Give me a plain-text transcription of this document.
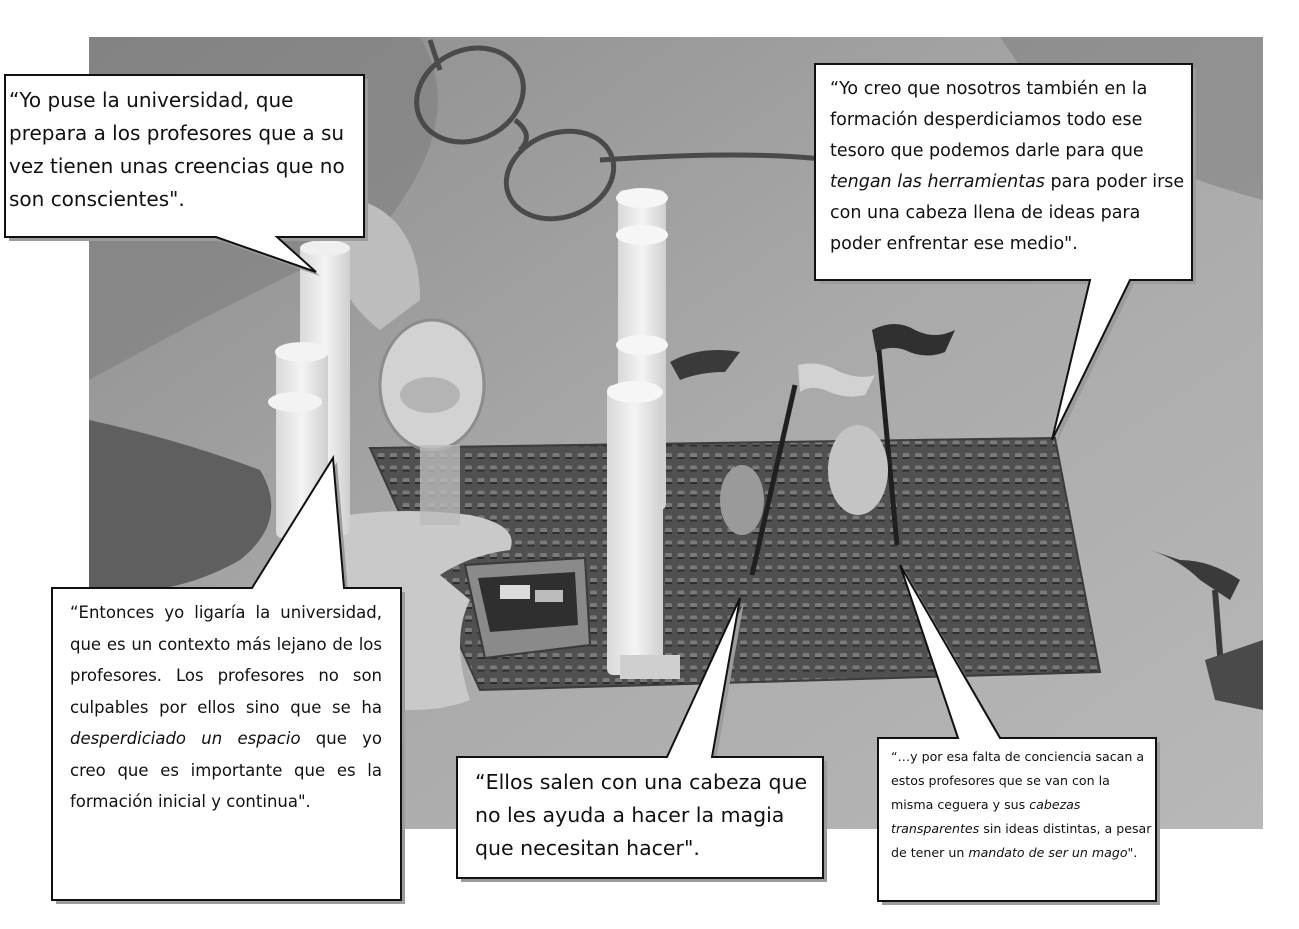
“Yo puse la universidad, que prepara a los profesores que a su vez tienen unas creencias que no son conscientes".

“Yo creo que nosotros también en la formación desperdiciamos todo ese tesoro que podemos darle para que tengan las herramientas para poder irse con una cabeza llena de ideas para poder enfrentar ese medio".

“Entonces yo ligaría la universidad, que es un contexto más lejano de los profesores. Los profesores no son culpables por ellos sino que se ha desperdiciado un espacio que yo creo que es importante que es la formación inicial y continua".

“Ellos salen con una cabeza que no les ayuda a hacer la magia que necesitan hacer".

“…y por esa falta de conciencia sacan a estos profesores que se van con la misma ceguera y sus cabezas transparentes sin ideas distintas, a pesar de tener un mandato de ser un mago".
